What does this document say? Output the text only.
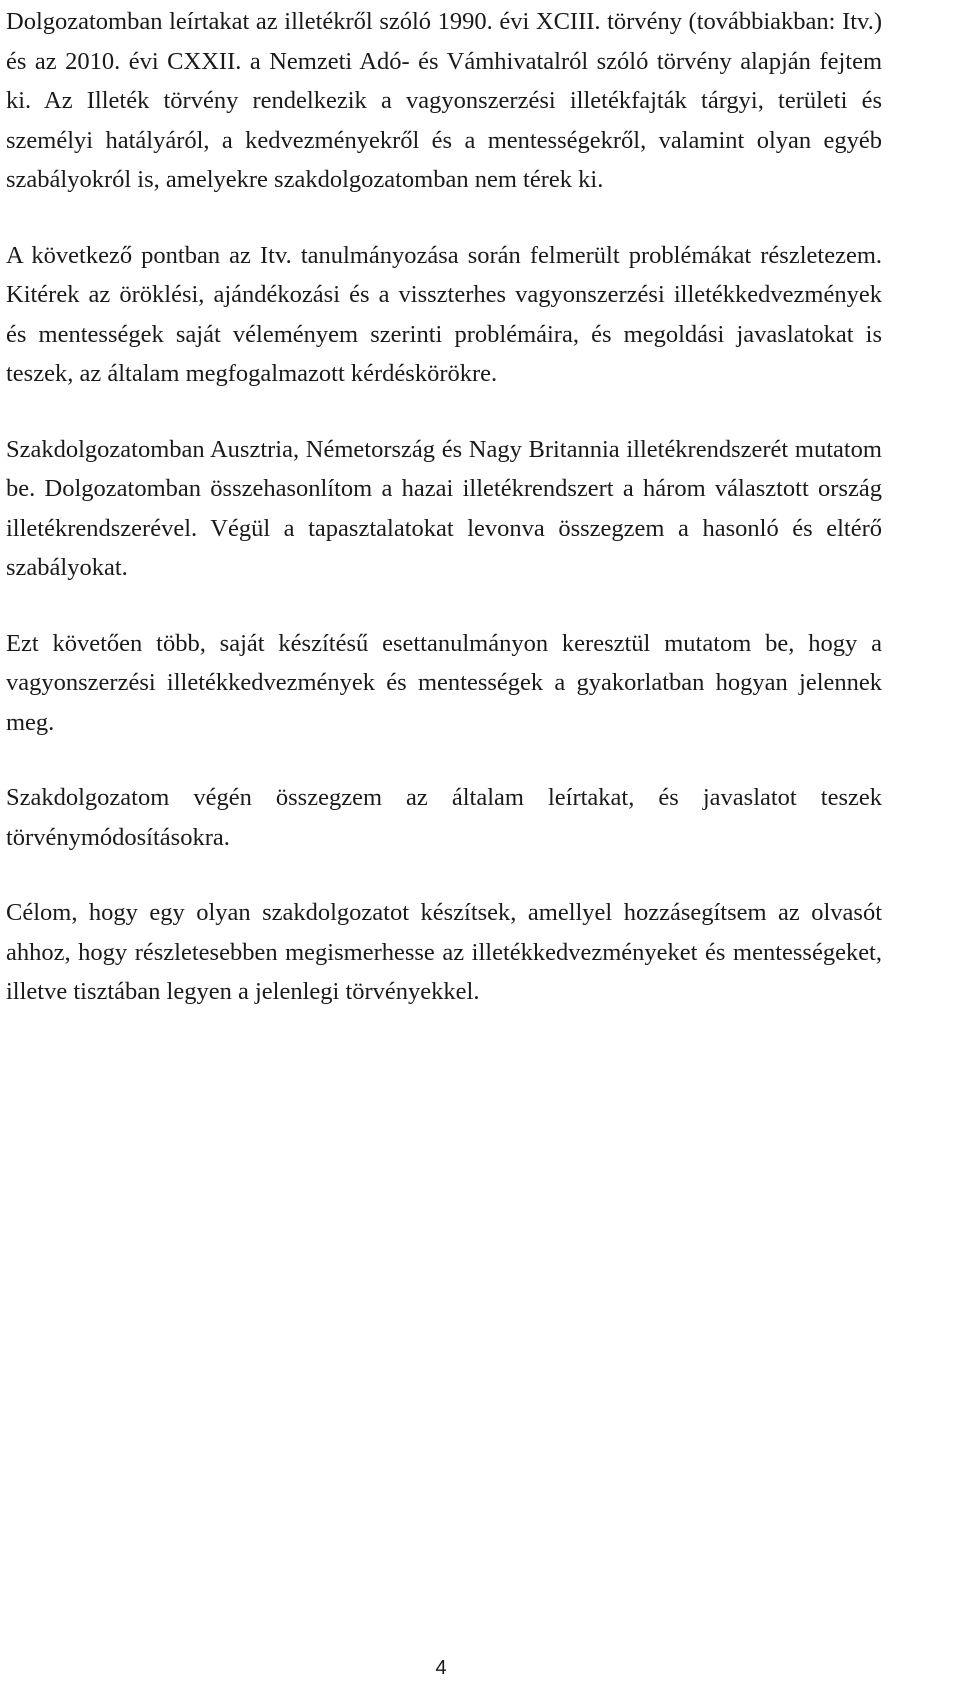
Dolgozatomban leírtakat az illetékről szóló 1990. évi XCIII. törvény (továbbiakban: Itv.) és az 2010. évi CXXII. a Nemzeti Adó- és Vámhivatalról szóló törvény alapján fejtem ki. Az Illeték törvény rendelkezik a vagyonszerzési illetékfajták tárgyi, területi és személyi hatályáról, a kedvezményekről és a mentességekről, valamint olyan egyéb szabályokról is, amelyekre szakdolgozatomban nem térek ki.

A következő pontban az Itv. tanulmányozása során felmerült problémákat részletezem. Kitérek az öröklési, ajándékozási és a visszterhes vagyonszerzési illetékkedvezmények és mentességek saját véleményem szerinti problémáira, és megoldási javaslatokat is teszek, az általam megfogalmazott kérdéskörökre.

Szakdolgozatomban Ausztria, Németország és Nagy Britannia illetékrendszerét mutatom be. Dolgozatomban összehasonlítom a hazai illetékrendszert a három választott ország illetékrendszerével. Végül a tapasztalatokat levonva összegzem a hasonló és eltérő szabályokat.

Ezt követően több, saját készítésű esettanulmányon keresztül mutatom be, hogy a vagyonszerzési illetékkedvezmények és mentességek a gyakorlatban hogyan jelennek meg.

Szakdolgozatom végén összegzem az általam leírtakat, és javaslatot teszek törvénymódosításokra.

Célom, hogy egy olyan szakdolgozatot készítsek, amellyel hozzásegítsem az olvasót ahhoz, hogy részletesebben megismerhesse az illetékkedvezményeket és mentességeket, illetve tisztában legyen a jelenlegi törvényekkel.

4
